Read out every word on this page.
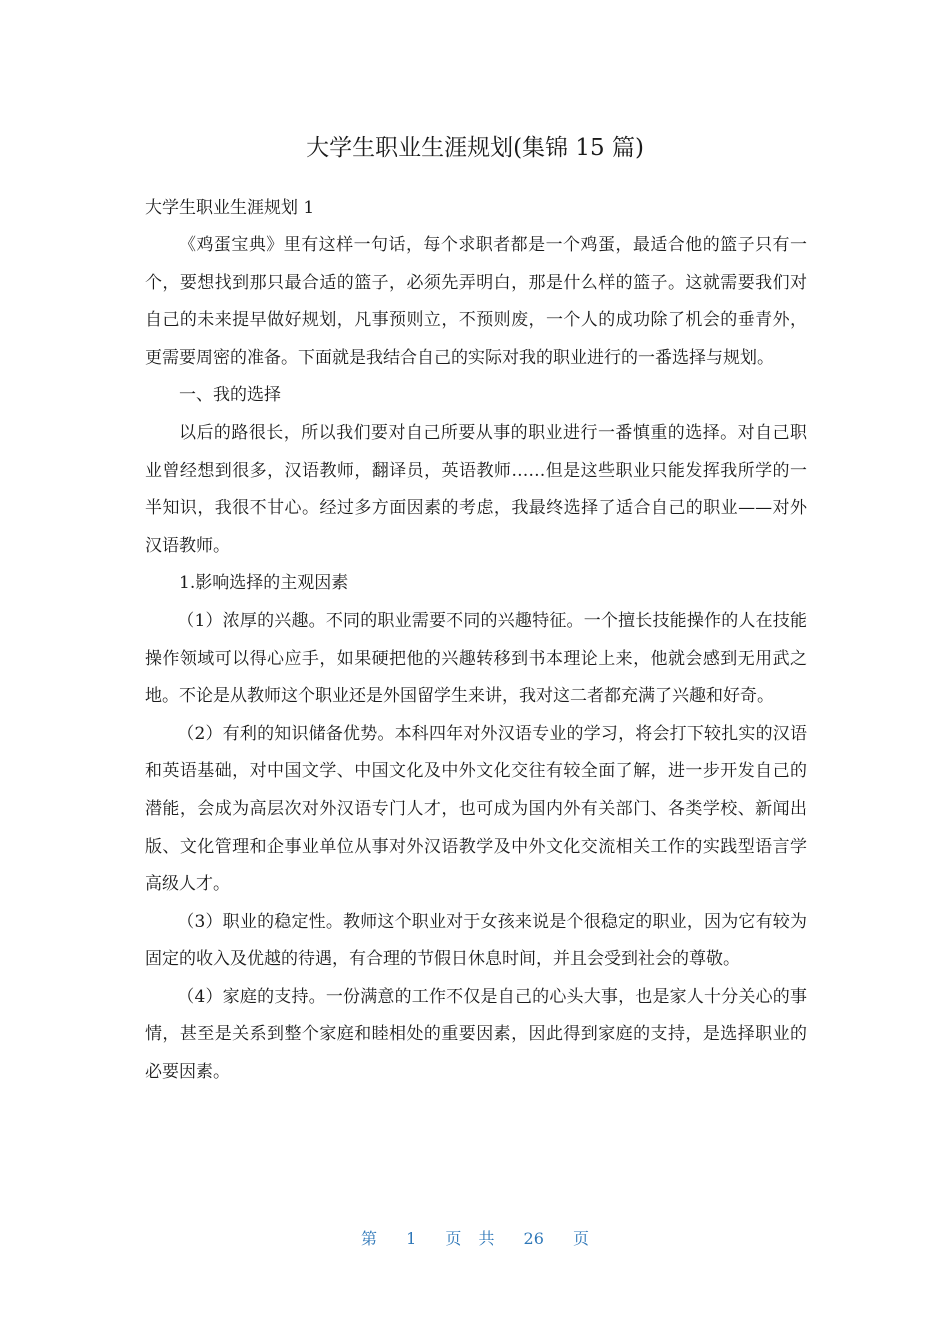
大学生职业生涯规划(集锦 15 篇)

大学生职业生涯规划 1

《鸡蛋宝典》里有这样一句话，每个求职者都是一个鸡蛋，最适合他的篮子只有一个，要想找到那只最合适的篮子，必须先弄明白，那是什么样的篮子。这就需要我们对自己的未来提早做好规划，凡事预则立，不预则废，一个人的成功除了机会的垂青外，更需要周密的准备。下面就是我结合自己的实际对我的职业进行的一番选择与规划。

一、我的选择

以后的路很长，所以我们要对自己所要从事的职业进行一番慎重的选择。对自己职业曾经想到很多，汉语教师，翻译员，英语教师……但是这些职业只能发挥我所学的一半知识，我很不甘心。经过多方面因素的考虑，我最终选择了适合自己的职业——对外汉语教师。

1.影响选择的主观因素

（1）浓厚的兴趣。不同的职业需要不同的兴趣特征。一个擅长技能操作的人在技能操作领域可以得心应手，如果硬把他的兴趣转移到书本理论上来，他就会感到无用武之地。不论是从教师这个职业还是外国留学生来讲，我对这二者都充满了兴趣和好奇。

（2）有利的知识储备优势。本科四年对外汉语专业的学习，将会打下较扎实的汉语和英语基础，对中国文学、中国文化及中外文化交往有较全面了解，进一步开发自己的潜能，会成为高层次对外汉语专门人才，也可成为国内外有关部门、各类学校、新闻出版、文化管理和企事业单位从事对外汉语教学及中外文化交流相关工作的实践型语言学高级人才。

（3）职业的稳定性。教师这个职业对于女孩来说是个很稳定的职业，因为它有较为固定的收入及优越的待遇，有合理的节假日休息时间，并且会受到社会的尊敬。

（4）家庭的支持。一份满意的工作不仅是自己的心头大事，也是家人十分关心的事情，甚至是关系到整个家庭和睦相处的重要因素，因此得到家庭的支持，是选择职业的必要因素。

第 1 页 共 26 页
